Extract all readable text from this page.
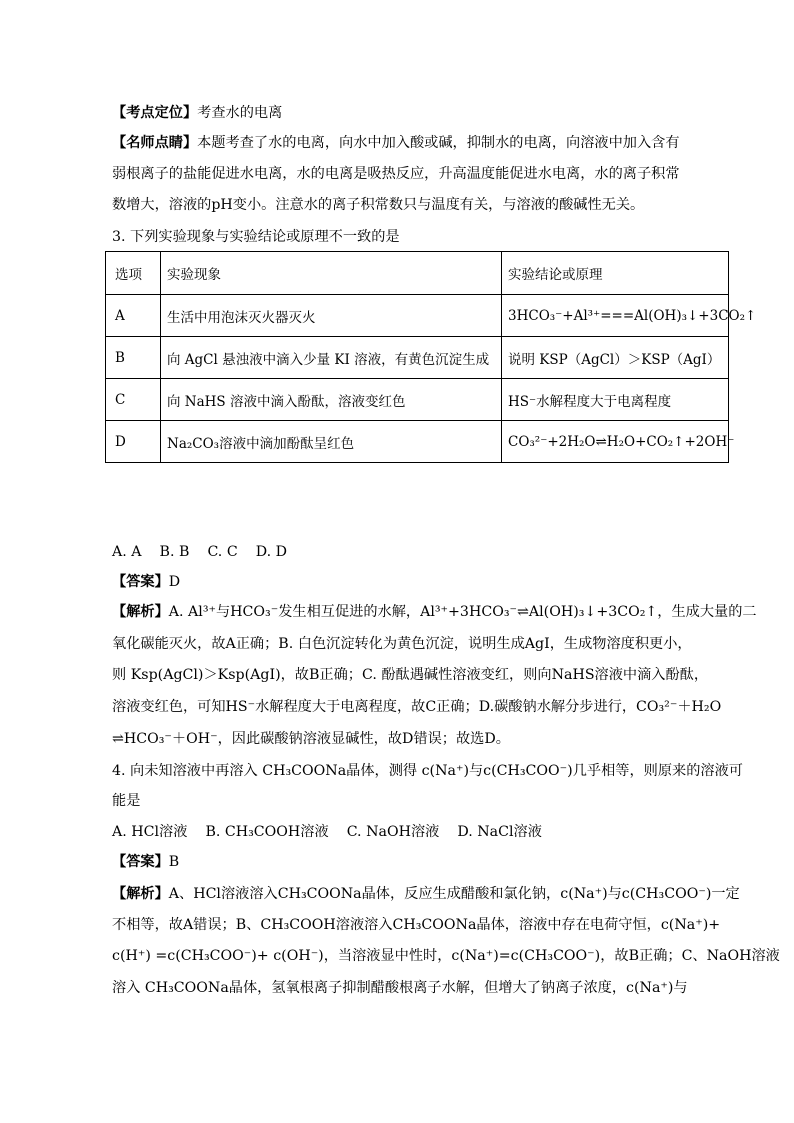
【考点定位】考查水的电离
【名师点睛】本题考查了水的电离，向水中加入酸或碱，抑制水的电离，向溶液中加入含有
弱根离子的盐能促进水电离，水的电离是吸热反应，升高温度能促进水电离，水的离子积常
数增大，溶液的pH变小。注意水的离子积常数只与温度有关，与溶液的酸碱性无关。
3. 下列实验现象与实验结论或原理不一致的是
选项	实验现象	实验结论或原理
A	生活中用泡沫灭火器灭火	3HCO₃⁻+Al³⁺===Al(OH)₃↓+3CO₂↑
B	向 AgCl 悬浊液中滴入少量 KI 溶液，有黄色沉淀生成	说明 KSP（AgCl）＞KSP（AgI）
C	向 NaHS 溶液中滴入酚酞，溶液变红色	HS⁻水解程度大于电离程度
D	Na₂CO₃溶液中滴加酚酞呈红色	CO₃²⁻+2H₂O⇌H₂O+CO₂↑+2OH⁻
A. A    B. B    C. C    D. D
【答案】D
【解析】A. Al³⁺与HCO₃⁻发生相互促进的水解，Al³⁺+3HCO₃⁻⇌Al(OH)₃↓+3CO₂↑，生成大量的二
氧化碳能灭火，故A正确；B. 白色沉淀转化为黄色沉淀，说明生成AgI，生成物溶度积更小，
则 Ksp(AgCl)＞Ksp(AgI)，故B正确；C. 酚酞遇碱性溶液变红，则向NaHS溶液中滴入酚酞，
溶液变红色，可知HS⁻水解程度大于电离程度，故C正确；D.碳酸钠水解分步进行，CO₃²⁻＋H₂O
⇌HCO₃⁻＋OH⁻，因此碳酸钠溶液显碱性，故D错误；故选D。
4. 向未知溶液中再溶入 CH₃COONa晶体，测得 c(Na⁺)与c(CH₃COO⁻)几乎相等，则原来的溶液可
能是
A. HCl溶液    B. CH₃COOH溶液    C. NaOH溶液    D. NaCl溶液
【答案】B
【解析】A、HCl溶液溶入CH₃COONa晶体，反应生成醋酸和氯化钠，c(Na⁺)与c(CH₃COO⁻)一定
不相等，故A错误；B、CH₃COOH溶液溶入CH₃COONa晶体，溶液中存在电荷守恒，c(Na⁺)+
c(H⁺) =c(CH₃COO⁻)+ c(OH⁻)，当溶液显中性时，c(Na⁺)=c(CH₃COO⁻)，故B正确；C、NaOH溶液
溶入 CH₃COONa晶体，氢氧根离子抑制醋酸根离子水解，但增大了钠离子浓度，c(Na⁺)与
